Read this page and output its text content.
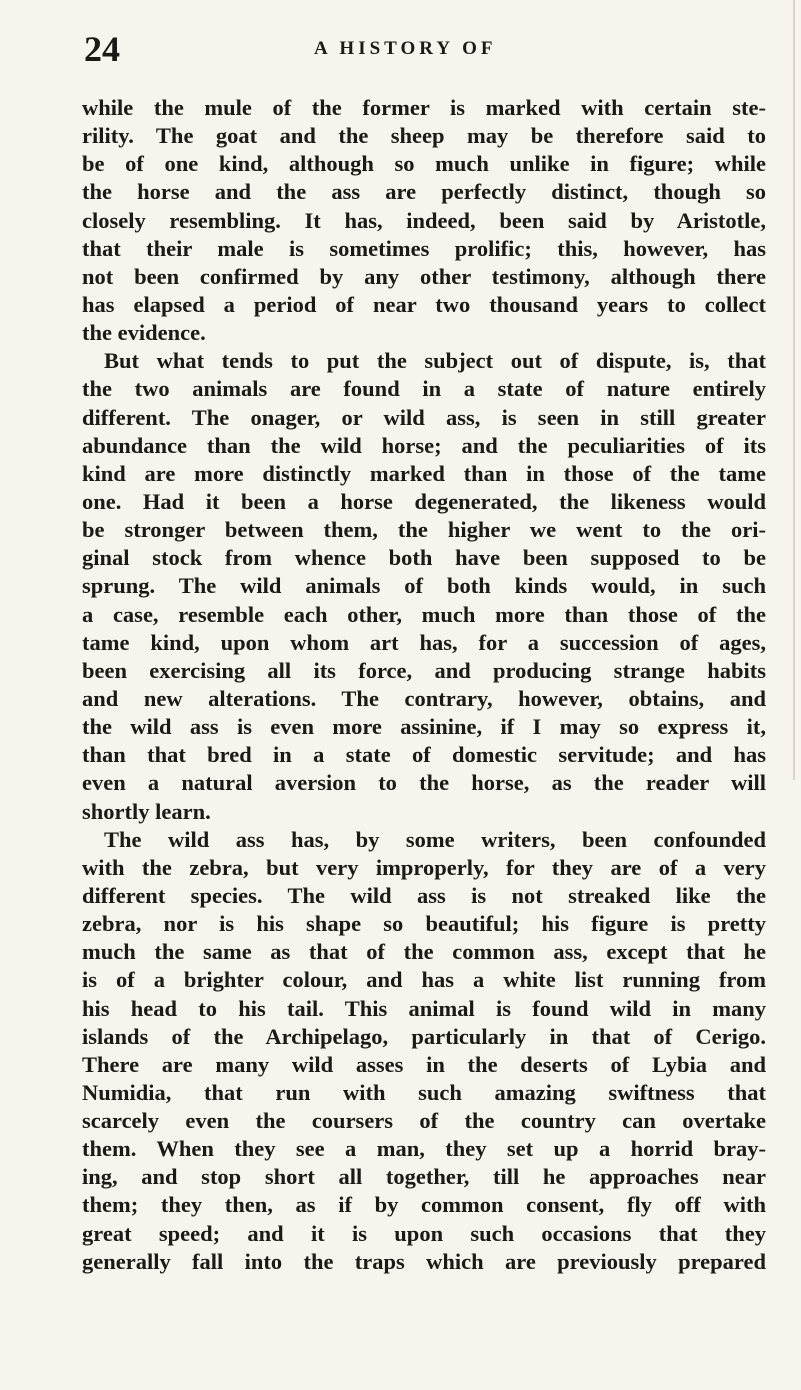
24	A HISTORY OF
while the mule of the former is marked with certain ste-
rility. The goat and the sheep may be therefore said to
be of one kind, although so much unlike in figure; while
the horse and the ass are perfectly distinct, though so
closely resembling. It has, indeed, been said by Aristotle,
that their male is sometimes prolific; this, however, has
not been confirmed by any other testimony, although there
has elapsed a period of near two thousand years to collect
the evidence.
But what tends to put the subject out of dispute, is, that
the two animals are found in a state of nature entirely
different. The onager, or wild ass, is seen in still greater
abundance than the wild horse; and the peculiarities of its
kind are more distinctly marked than in those of the tame
one. Had it been a horse degenerated, the likeness would
be stronger between them, the higher we went to the ori-
ginal stock from whence both have been supposed to be
sprung. The wild animals of both kinds would, in such
a case, resemble each other, much more than those of the
tame kind, upon whom art has, for a succession of ages,
been exercising all its force, and producing strange habits
and new alterations. The contrary, however, obtains, and
the wild ass is even more assinine, if I may so express it,
than that bred in a state of domestic servitude; and has
even a natural aversion to the horse, as the reader will
shortly learn.
The wild ass has, by some writers, been confounded
with the zebra, but very improperly, for they are of a very
different species. The wild ass is not streaked like the
zebra, nor is his shape so beautiful; his figure is pretty
much the same as that of the common ass, except that he
is of a brighter colour, and has a white list running from
his head to his tail. This animal is found wild in many
islands of the Archipelago, particularly in that of Cerigo.
There are many wild asses in the deserts of Lybia and
Numidia, that run with such amazing swiftness that
scarcely even the coursers of the country can overtake
them. When they see a man, they set up a horrid bray-
ing, and stop short all together, till he approaches near
them; they then, as if by common consent, fly off with
great speed; and it is upon such occasions that they
generally fall into the traps which are previously prepared
